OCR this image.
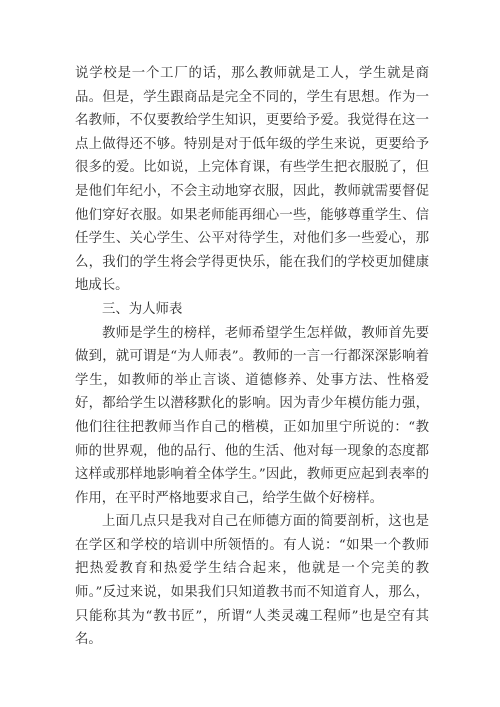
说学校是一个工厂的话，那么教师就是工人，学生就是商品。但是，学生跟商品是完全不同的，学生有思想。作为一名教师，不仅要教给学生知识，更要给予爱。我觉得在这一点上做得还不够。特别是对于低年级的学生来说，更要给予很多的爱。比如说，上完体育课，有些学生把衣服脱了，但是他们年纪小，不会主动地穿衣服，因此，教师就需要督促他们穿好衣服。如果老师能再细心一些，能够尊重学生、信任学生、关心学生、公平对待学生，对他们多一些爱心，那么，我们的学生将会学得更快乐，能在我们的学校更加健康地成长。

三、为人师表

教师是学生的榜样，老师希望学生怎样做，教师首先要做到，就可谓是“为人师表”。教师的一言一行都深深影响着学生，如教师的举止言谈、道德修养、处事方法、性格爱好，都给学生以潜移默化的影响。因为青少年模仿能力强，他们往往把教师当作自己的楷模，正如加里宁所说的：“教师的世界观，他的品行、他的生活、他对每一现象的态度都这样或那样地影响着全体学生。”因此，教师更应起到表率的作用，在平时严格地要求自己，给学生做个好榜样。

上面几点只是我对自己在师德方面的简要剖析，这也是在学区和学校的培训中所领悟的。有人说：“如果一个教师把热爱教育和热爱学生结合起来，他就是一个完美的教师。”反过来说，如果我们只知道教书而不知道育人，那么，只能称其为“教书匠”，所谓“人类灵魂工程师”也是空有其名。
